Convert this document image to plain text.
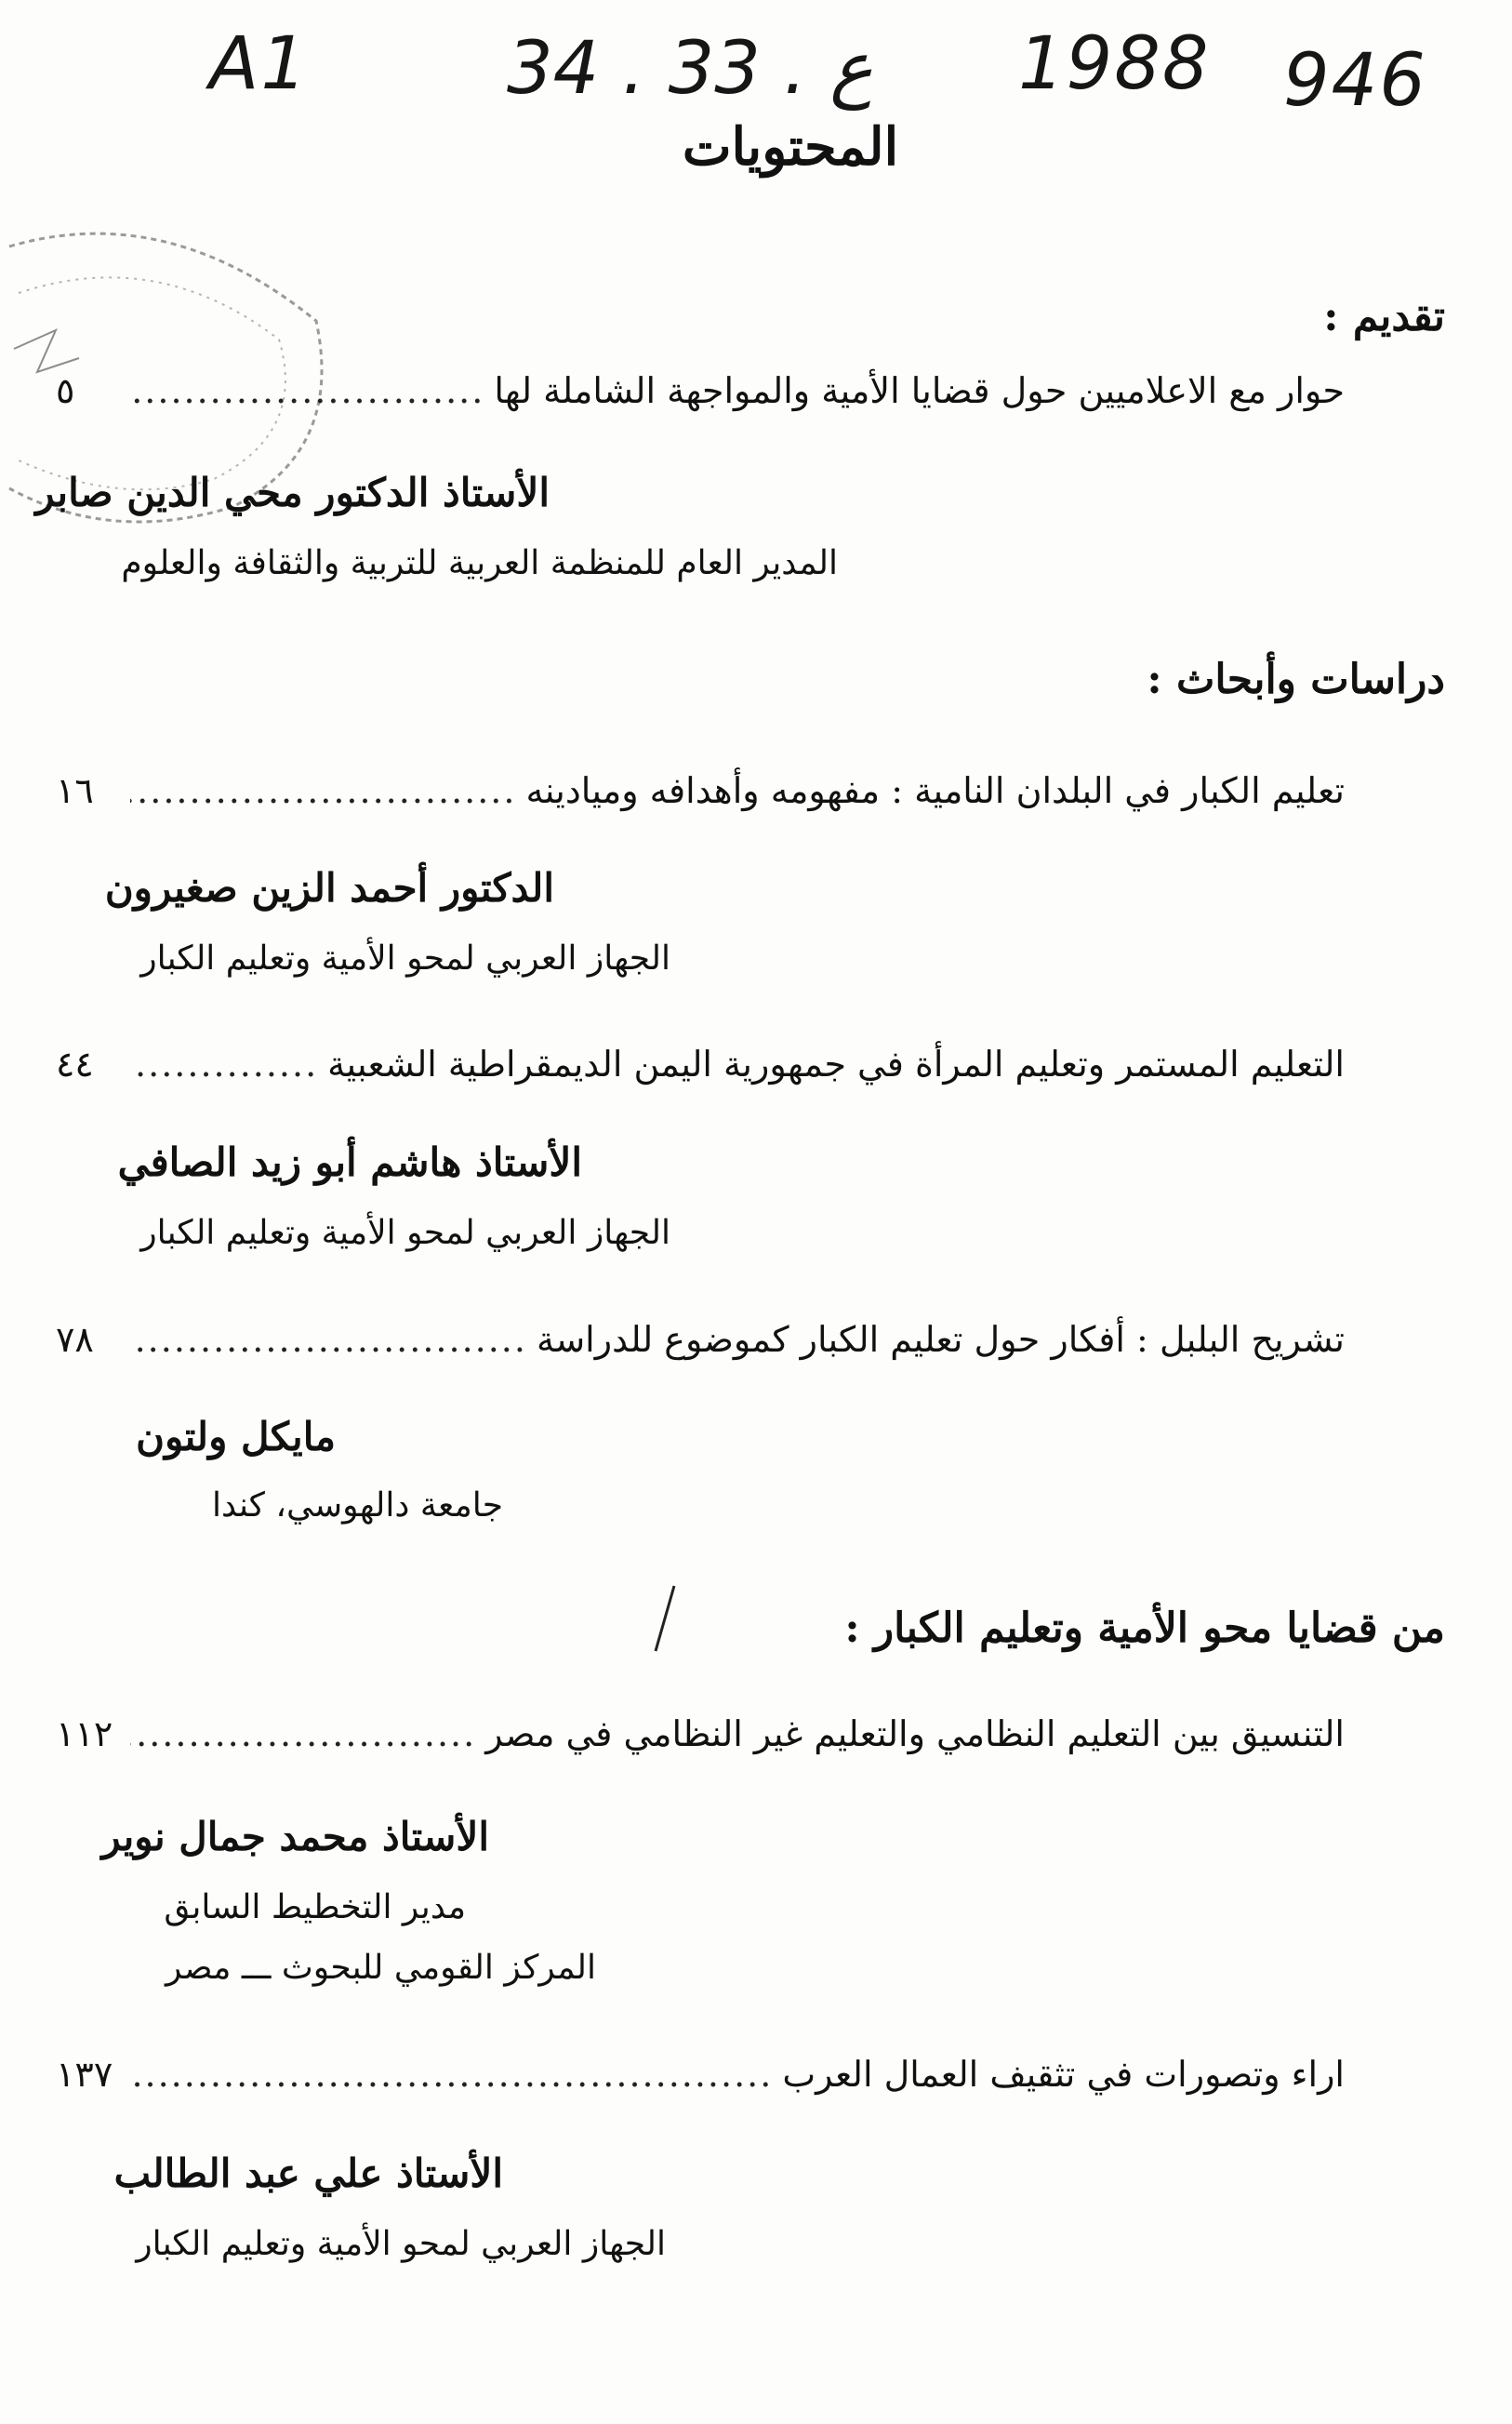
A1	34 . 33 . ع 1988 946
المحتويات
تقديم :
حوار مع الاعلاميين حول قضايا الأمية والمواجهة الشاملة لها
.....
٥
الأستاذ الدكتور محي الدين صابر
المدير العام للمنظمة العربية للتربية والثقافة والعلوم
دراسات وأبحاث :
تعليم الكبار في البلدان النامية : مفهومه وأهدافه وميادينه
.....
١٦
الدكتور أحمد الزين صغيرون
الجهاز العربي لمحو الأمية وتعليم الكبار
التعليم المستمر وتعليم المرأة في جمهورية اليمن الديمقراطية الشعبية
.....
٤٤
الأستاذ هاشم أبو زيد الصافي
الجهاز العربي لمحو الأمية وتعليم الكبار
تشريح البلبل : أفكار حول تعليم الكبار كموضوع للدراسة
.....
٧٨
مايكل ولتون
جامعة دالهوسي، كندا
من قضايا محو الأمية وتعليم الكبار :
التنسيق بين التعليم النظامي والتعليم غير النظامي في مصر
.....
١١٢
الأستاذ محمد جمال نوير
مدير التخطيط السابق
المركز القومي للبحوث ـــ مصر
اراء وتصورات في تثقيف العمال العرب
.....
١٣٧
الأستاذ علي عبد الطالب
الجهاز العربي لمحو الأمية وتعليم الكبار
